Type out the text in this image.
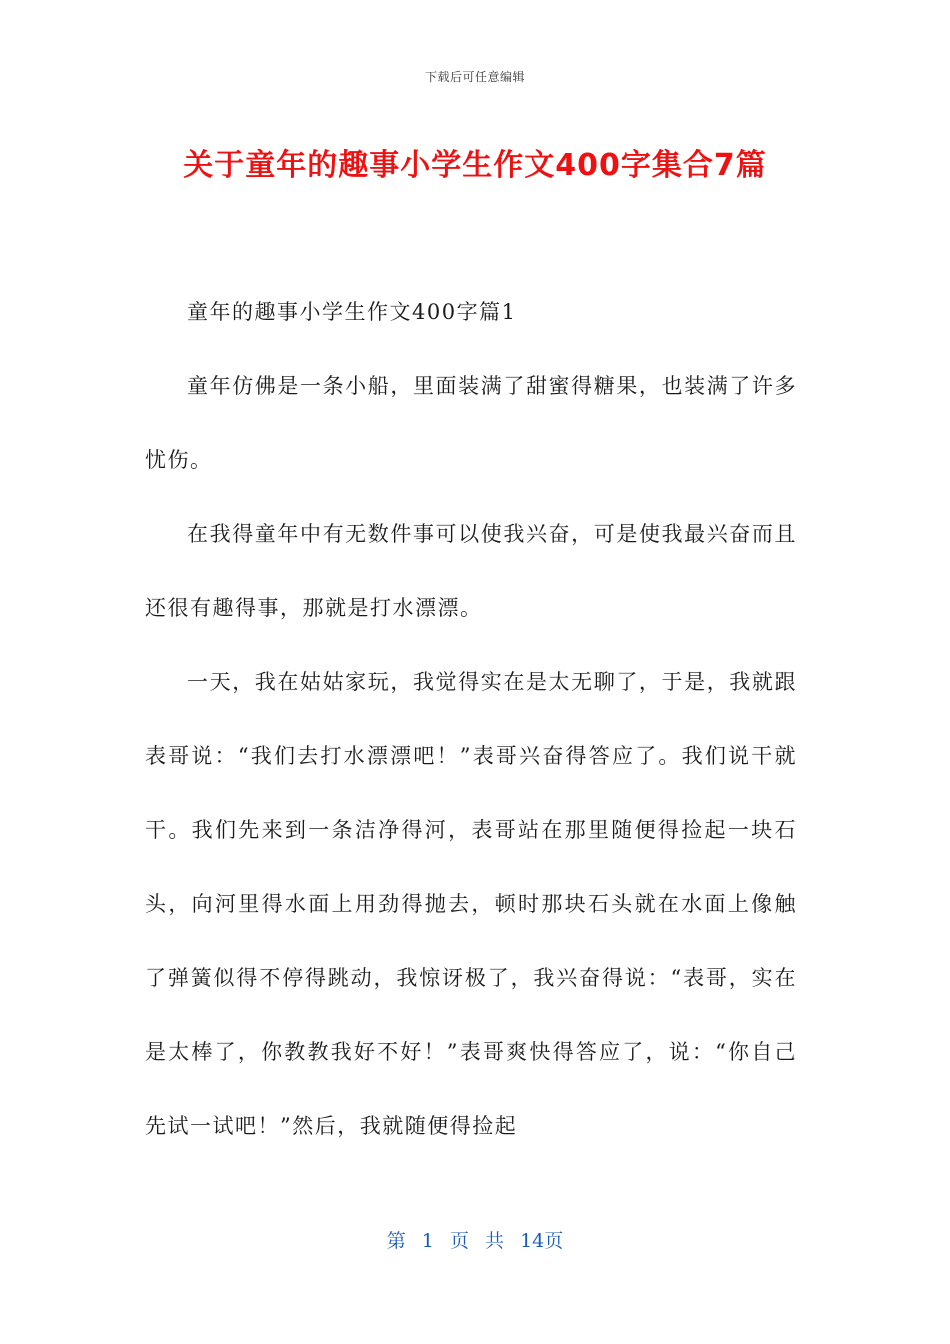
下载后可任意编辑
关于童年的趣事小学生作文400字集合7篇

童年的趣事小学生作文400字篇1

童年仿佛是一条小船，里面装满了甜蜜得糖果，也装满了许多忧伤。

在我得童年中有无数件事可以使我兴奋，可是使我最兴奋而且还很有趣得事，那就是打水漂漂。

一天，我在姑姑家玩，我觉得实在是太无聊了，于是，我就跟表哥说：“我们去打水漂漂吧！”表哥兴奋得答应了。我们说干就干。我们先来到一条洁净得河，表哥站在那里随便得捡起一块石头，向河里得水面上用劲得抛去，顿时那块石头就在水面上像触了弹簧似得不停得跳动，我惊讶极了，我兴奋得说：“表哥，实在是太棒了，你教教我好不好！”表哥爽快得答应了，说：“你自己先试一试吧！”然后，我就随便得捡起

第 1 页 共 14页
